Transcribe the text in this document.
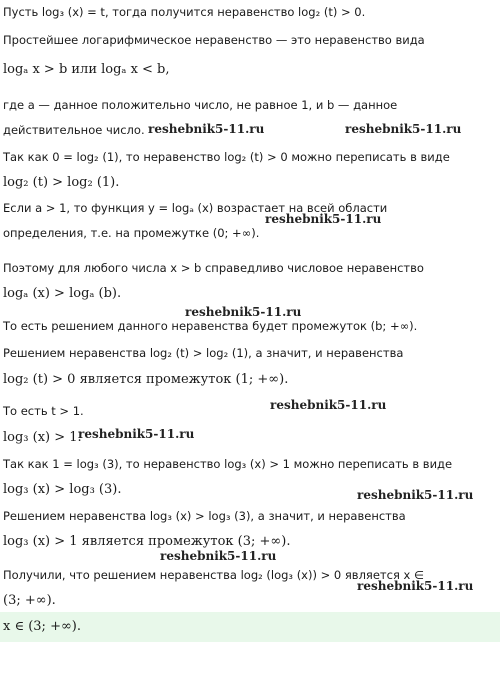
Пусть log₃ (x) = t, тогда получится неравенство log₂ (t) > 0.
Простейшее логарифмическое неравенство — это неравенство вида
logₐ x > b или logₐ x < b,
где a — данное положительно число, не равное 1, и b — данное
действительное число.
Так как 0 = log₂ (1), то неравенство log₂ (t) > 0 можно переписать в виде
log₂ (t) > log₂ (1).
Если a > 1, то функция y = logₐ (x) возрастает на всей области
определения, т.е. на промежутке (0; +∞).
Поэтому для любого числа x > b справедливо числовое неравенство
logₐ (x) > logₐ (b).
То есть решением данного неравенства будет промежуток (b; +∞).
Решением неравенства log₂ (t) > log₂ (1), а значит, и неравенства
log₂ (t) > 0 является промежуток (1; +∞).
То есть t > 1.
log₃ (x) > 1.
Так как 1 = log₃ (3), то неравенство log₃ (x) > 1 можно переписать в виде
log₃ (x) > log₃ (3).
Решением неравенства log₃ (x) > log₃ (3), а значит, и неравенства
log₃ (x) > 1 является промежуток (3; +∞).
Получили, что решением неравенства log₂ (log₃ (x)) > 0 является x ∈
(3; +∞).
x ∈ (3; +∞).
reshebnik5-11.ru	reshebnik5-11.ru
reshebnik5-11.ru
reshebnik5-11.ru
reshebnik5-11.ru
reshebnik5-11.ru
reshebnik5-11.ru
reshebnik5-11.ru
reshebnik5-11.ru
